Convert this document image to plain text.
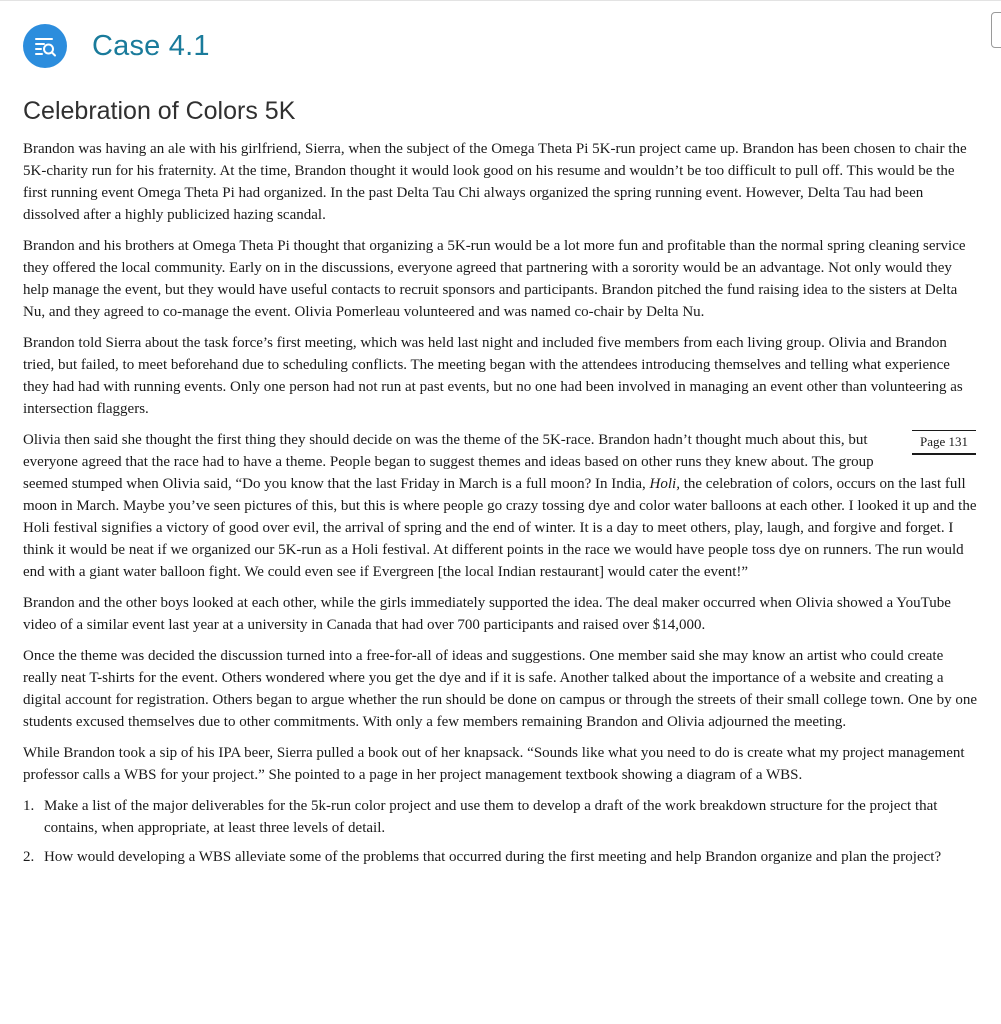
Case 4.1
Celebration of Colors 5K

Brandon was having an ale with his girlfriend, Sierra, when the subject of the Omega Theta Pi 5K-run project came up. Brandon has been chosen to chair the 5K-charity run for his fraternity. At the time, Brandon thought it would look good on his resume and wouldn’t be too difficult to pull off. This would be the first running event Omega Theta Pi had organized. In the past Delta Tau Chi always organized the spring running event. However, Delta Tau had been dissolved after a highly publicized hazing scandal.

Brandon and his brothers at Omega Theta Pi thought that organizing a 5K-run would be a lot more fun and profitable than the normal spring cleaning service they offered the local community. Early on in the discussions, everyone agreed that partnering with a sorority would be an advantage. Not only would they help manage the event, but they would have useful contacts to recruit sponsors and participants. Brandon pitched the fund raising idea to the sisters at Delta Nu, and they agreed to co-manage the event. Olivia Pomerleau volunteered and was named co-chair by Delta Nu.

Brandon told Sierra about the task force’s first meeting, which was held last night and included five members from each living group. Olivia and Brandon tried, but failed, to meet beforehand due to scheduling conflicts. The meeting began with the attendees introducing themselves and telling what experience they had had with running events. Only one person had not run at past events, but no one had been involved in managing an event other than volunteering as intersection flaggers.

Page 131
Olivia then said she thought the first thing they should decide on was the theme of the 5K-race. Brandon hadn’t thought much about this, but everyone agreed that the race had to have a theme. People began to suggest themes and ideas based on other runs they knew about. The group seemed stumped when Olivia said, “Do you know that the last Friday in March is a full moon? In India, Holi, the celebration of colors, occurs on the last full moon in March. Maybe you’ve seen pictures of this, but this is where people go crazy tossing dye and color water balloons at each other. I looked it up and the Holi festival signifies a victory of good over evil, the arrival of spring and the end of winter. It is a day to meet others, play, laugh, and forgive and forget. I think it would be neat if we organized our 5K-run as a Holi festival. At different points in the race we would have people toss dye on runners. The run would end with a giant water balloon fight. We could even see if Evergreen [the local Indian restaurant] would cater the event!”

Brandon and the other boys looked at each other, while the girls immediately supported the idea. The deal maker occurred when Olivia showed a YouTube video of a similar event last year at a university in Canada that had over 700 participants and raised over $14,000.

Once the theme was decided the discussion turned into a free-for-all of ideas and suggestions. One member said she may know an artist who could create really neat T-shirts for the event. Others wondered where you get the dye and if it is safe. Another talked about the importance of a website and creating a digital account for registration. Others began to argue whether the run should be done on campus or through the streets of their small college town. One by one students excused themselves due to other commitments. With only a few members remaining Brandon and Olivia adjourned the meeting.

While Brandon took a sip of his IPA beer, Sierra pulled a book out of her knapsack. “Sounds like what you need to do is create what my project management professor calls a WBS for your project.” She pointed to a page in her project management textbook showing a diagram of a WBS.

1. Make a list of the major deliverables for the 5k-run color project and use them to develop a draft of the work breakdown structure for the project that contains, when appropriate, at least three levels of detail.
2. How would developing a WBS alleviate some of the problems that occurred during the first meeting and help Brandon organize and plan the project?
